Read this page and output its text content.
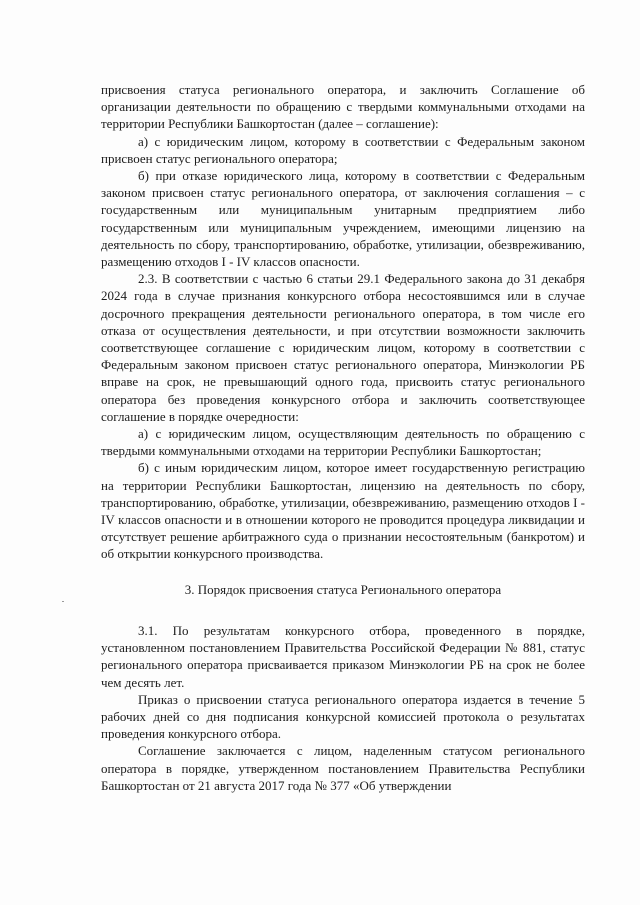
присвоения статуса регионального оператора, и заключить Соглашение об организации деятельности по обращению с твердыми коммунальными отходами на территории Республики Башкортостан (далее – соглашение):

а) с юридическим лицом, которому в соответствии с Федеральным законом присвоен статус регионального оператора;

б) при отказе юридического лица, которому в соответствии с Федеральным законом присвоен статус регионального оператора, от заключения соглашения – с государственным или муниципальным унитарным предприятием либо государственным или муниципальным учреждением, имеющими лицензию на деятельность по сбору, транспортированию, обработке, утилизации, обезвреживанию, размещению отходов I - IV классов опасности.

2.3. В соответствии с частью 6 статьи 29.1 Федерального закона до 31 декабря 2024 года в случае признания конкурсного отбора несостоявшимся или в случае досрочного прекращения деятельности регионального оператора, в том числе его отказа от осуществления деятельности, и при отсутствии возможности заключить соответствующее соглашение с юридическим лицом, которому в соответствии с Федеральным законом присвоен статус регионального оператора, Минэкологии РБ вправе на срок, не превышающий одного года, присвоить статус регионального оператора без проведения конкурсного отбора и заключить соответствующее соглашение в порядке очередности:

а) с юридическим лицом, осуществляющим деятельность по обращению с твердыми коммунальными отходами на территории Республики Башкортостан;

б) с иным юридическим лицом, которое имеет государственную регистрацию на территории Республики Башкортостан, лицензию на деятельность по сбору, транспортированию, обработке, утилизации, обезвреживанию, размещению отходов I - IV классов опасности и в отношении которого не проводится процедура ликвидации и отсутствует решение арбитражного суда о признании несостоятельным (банкротом) и об открытии конкурсного производства.

3. Порядок присвоения статуса Регионального оператора

3.1. По результатам конкурсного отбора, проведенного в порядке, установленном постановлением Правительства Российской Федерации № 881, статус регионального оператора присваивается приказом Минэкологии РБ на срок не более чем десять лет.

Приказ о присвоении статуса регионального оператора издается в течение 5 рабочих дней со дня подписания конкурсной комиссией протокола о результатах проведения конкурсного отбора.

Соглашение заключается с лицом, наделенным статусом регионального оператора в порядке, утвержденном постановлением Правительства Республики Башкортостан от 21 августа 2017 года № 377 «Об утверждении
